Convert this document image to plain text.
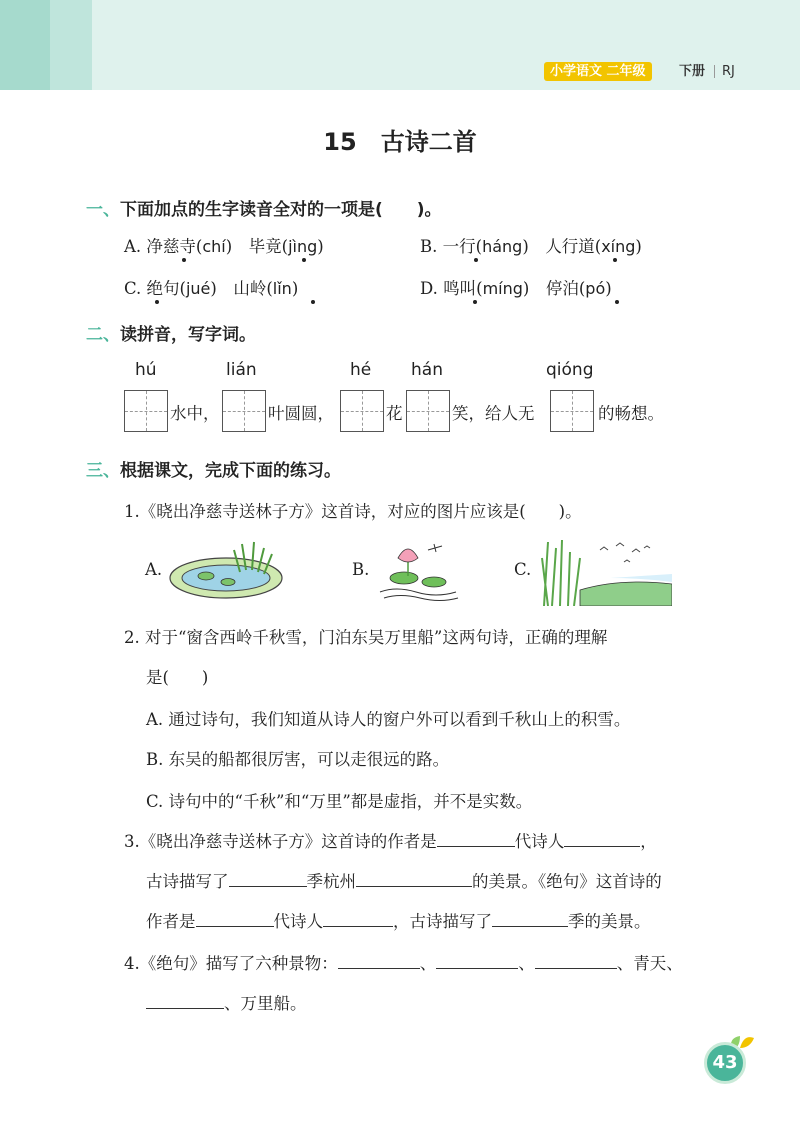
小学语文 二年级	下册 RJ
15　古诗二首
一、下面加点的生字读音全对的一项是(　　)。
A. 净慈寺(chí)　毕竟(jìng)	B. 一行(háng)　人行道(xíng)
C. 绝句(jué)　山岭(lǐn)	D. 鸣叫(míng)　停泊(pó)
二、读拼音，写字词。
hú	lián	hé hán	qióng
水中，	叶圆圆，	花	笑，给人无	的畅想。
三、根据课文，完成下面的练习。
1.《晓出净慈寺送林子方》这首诗，对应的图片应该是(　　)。
A.	B.	C.
2. 对于“窗含西岭千秋雪，门泊东吴万里船”这两句诗，正确的理解
是(　　)
A. 通过诗句，我们知道从诗人的窗户外可以看到千秋山上的积雪。
B. 东吴的船都很厉害，可以走很远的路。
C. 诗句中的“千秋”和“万里”都是虚指，并不是实数。
3.《晓出净慈寺送林子方》这首诗的作者是	代诗人	，
古诗描写了	季杭州	的美景。《绝句》这首诗的
作者是	代诗人	，古诗描写了	季的美景。
4.《绝句》描写了六种景物：	、	、	、青天、
、万里船。
43
